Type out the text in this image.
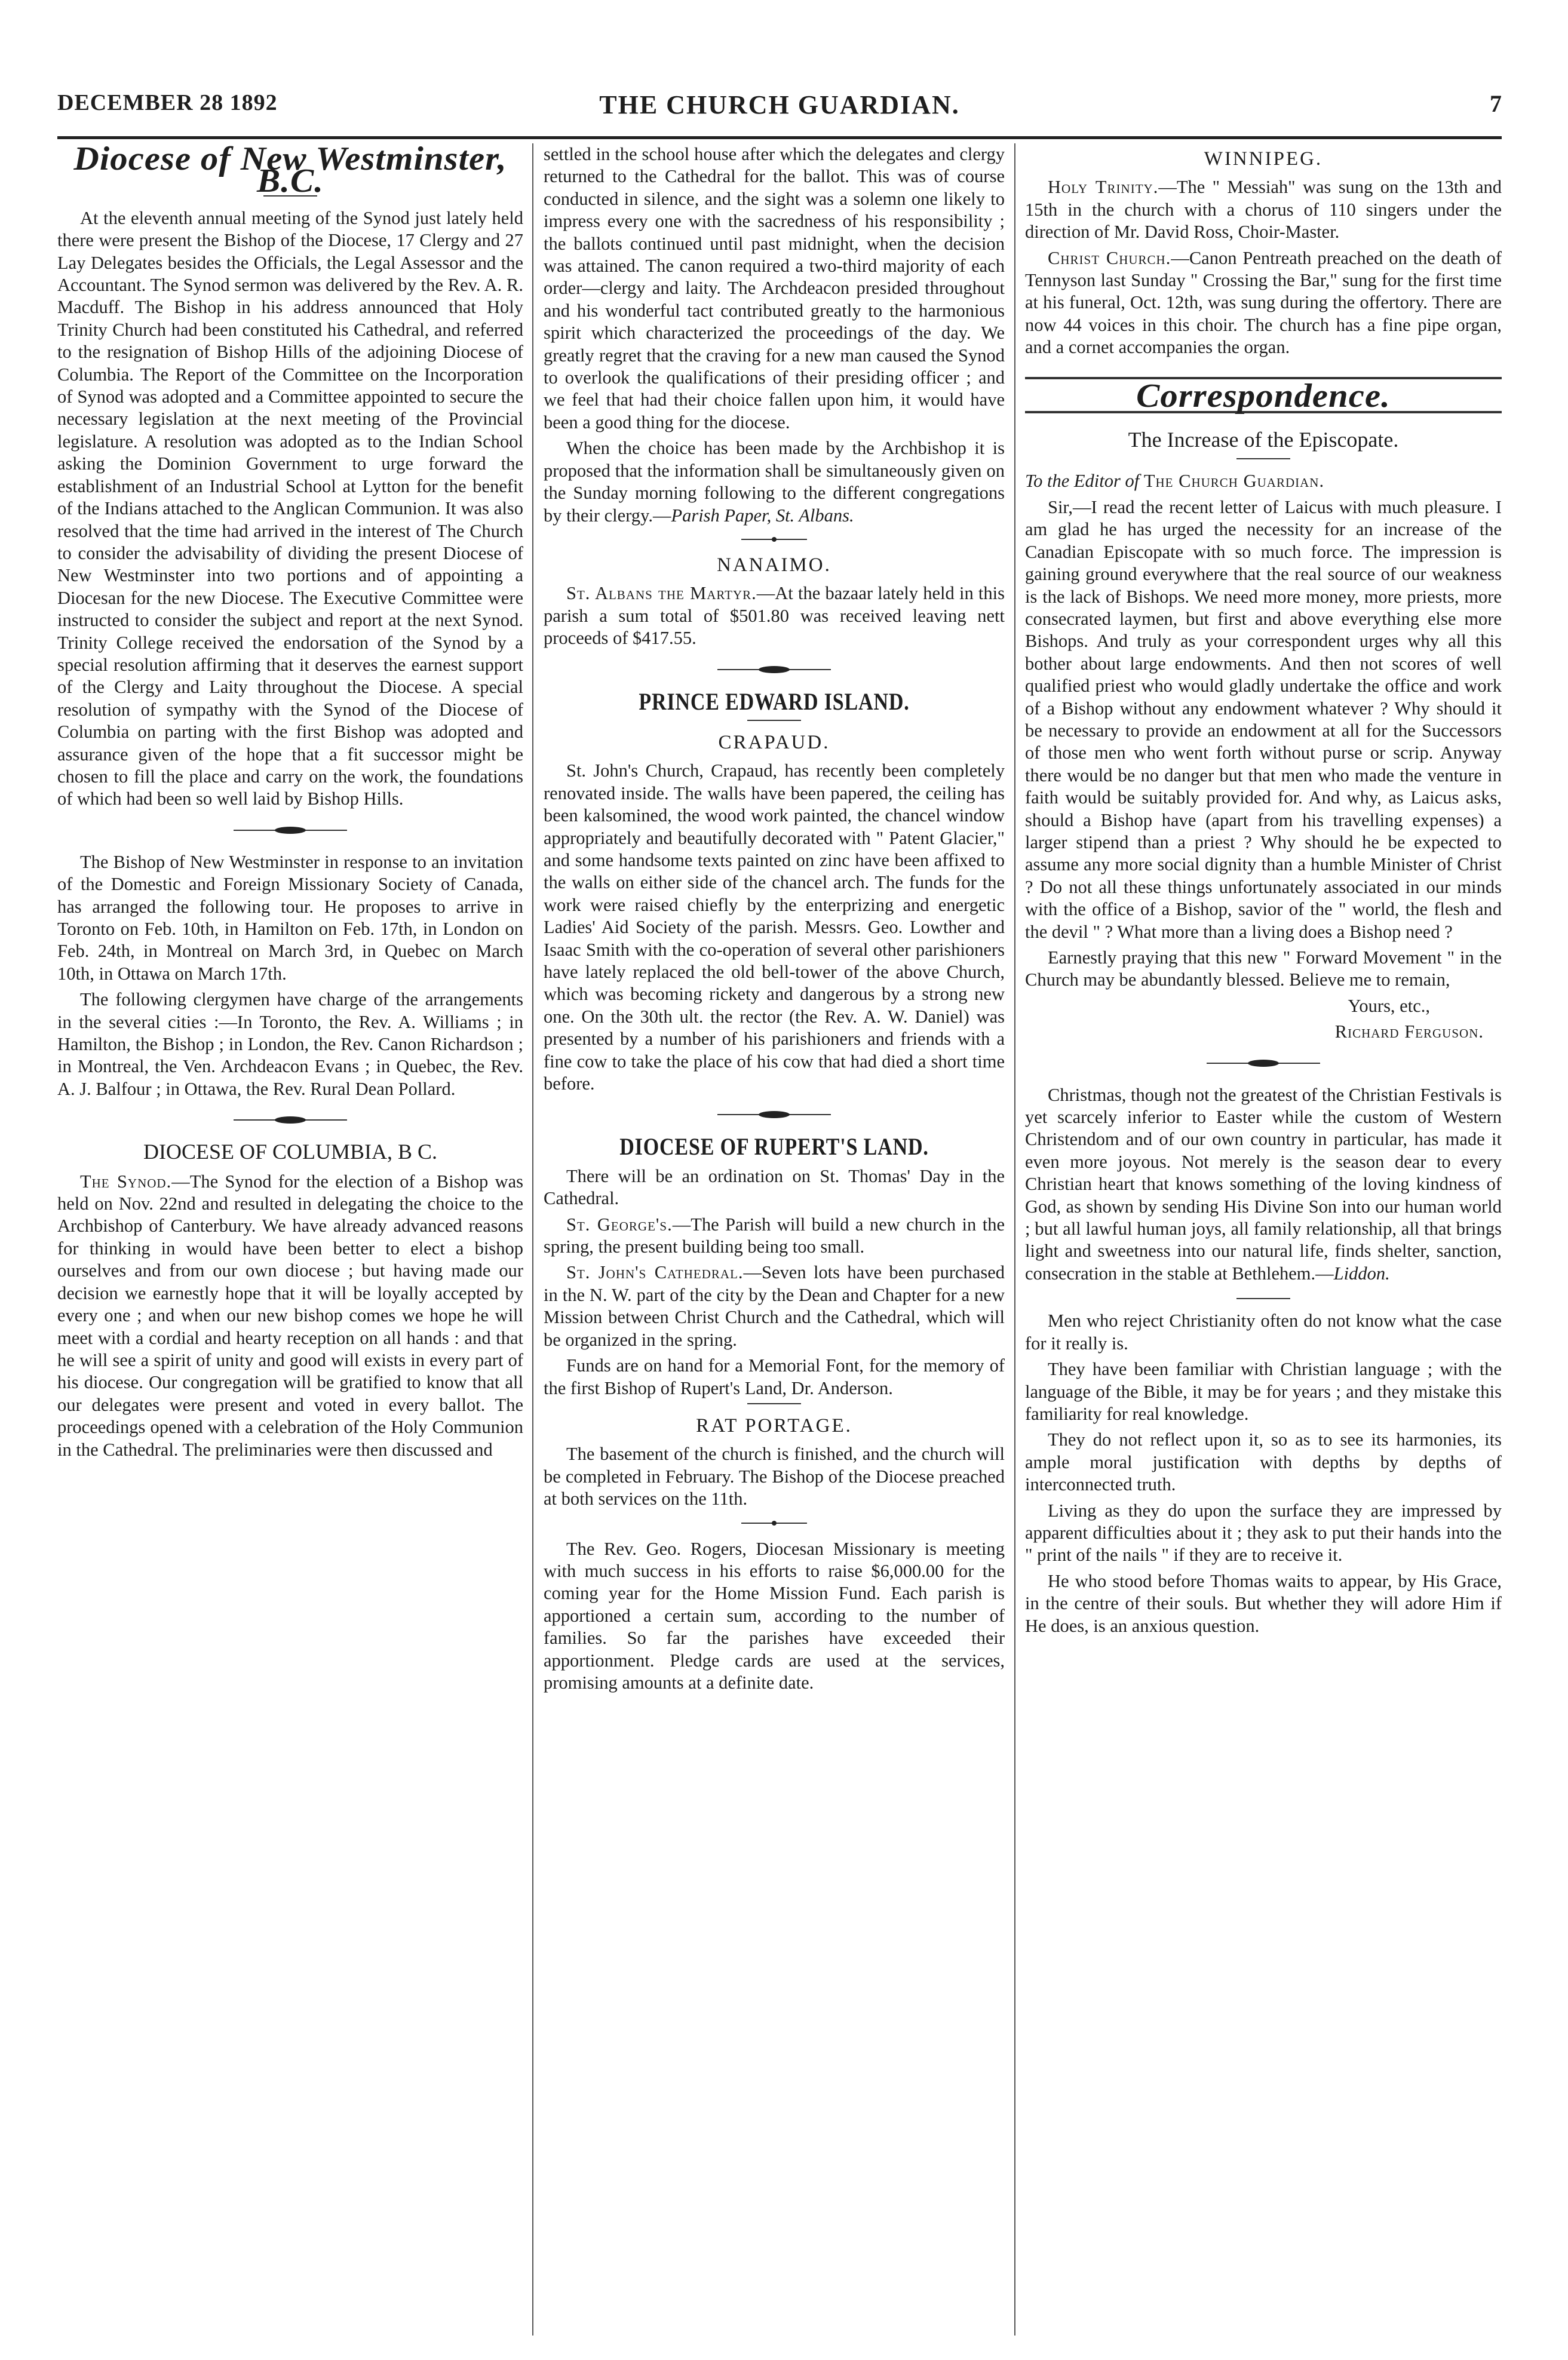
DECEMBER 28 1892	THE CHURCH GUARDIAN.	7
Diocese of New Westminster, B.C.

At the eleventh annual meeting of the Synod just lately held there were present the Bishop of the Diocese, 17 Clergy and 27 Lay Delegates besides the Officials, the Legal Assessor and the Accountant. The Synod sermon was delivered by the Rev. A. R. Macduff. The Bishop in his address announced that Holy Trinity Church had been constituted his Cathedral, and referred to the resignation of Bishop Hills of the adjoining Diocese of Columbia. The Report of the Committee on the Incorporation of Synod was adopted and a Committee appointed to secure the necessary legislation at the next meeting of the Provincial legislature. A resolution was adopted as to the Indian School asking the Dominion Government to urge forward the establishment of an Industrial School at Lytton for the benefit of the Indians attached to the Anglican Communion. It was also resolved that the time had arrived in the interest of The Church to consider the advisability of dividing the present Diocese of New Westminster into two portions and of appointing a Diocesan for the new Diocese. The Executive Committee were instructed to consider the subject and report at the next Synod. Trinity College received the endorsation of the Synod by a special resolution affirming that it deserves the earnest support of the Clergy and Laity throughout the Diocese. A special resolution of sympathy with the Synod of the Diocese of Columbia on parting with the first Bishop was adopted and assurance given of the hope that a fit successor might be chosen to fill the place and carry on the work, the foundations of which had been so well laid by Bishop Hills.

The Bishop of New Westminster in response to an invitation of the Domestic and Foreign Missionary Society of Canada, has arranged the following tour. He proposes to arrive in Toronto on Feb. 10th, in Hamilton on Feb. 17th, in London on Feb. 24th, in Montreal on March 3rd, in Quebec on March 10th, in Ottawa on March 17th.

The following clergymen have charge of the arrangements in the several cities :—In Toronto, the Rev. A. Williams ; in Hamilton, the Bishop ; in London, the Rev. Canon Richardson ; in Montreal, the Ven. Archdeacon Evans ; in Quebec, the Rev. A. J. Balfour ; in Ottawa, the Rev. Rural Dean Pollard.

DIOCESE OF COLUMBIA, B C.

The Synod.—The Synod for the election of a Bishop was held on Nov. 22nd and resulted in delegating the choice to the Archbishop of Canterbury. We have already advanced reasons for thinking in would have been better to elect a bishop ourselves and from our own diocese ; but having made our decision we earnestly hope that it will be loyally accepted by every one ; and when our new bishop comes we hope he will meet with a cordial and hearty reception on all hands : and that he will see a spirit of unity and good will exists in every part of his diocese. Our congregation will be gratified to know that all our delegates were present and voted in every ballot. The proceedings opened with a celebration of the Holy Communion in the Cathedral. The preliminaries were then discussed and

settled in the school house after which the delegates and clergy returned to the Cathedral for the ballot. This was of course conducted in silence, and the sight was a solemn one likely to impress every one with the sacredness of his responsibility ; the ballots continued until past midnight, when the decision was attained. The canon required a two-third majority of each order—clergy and laity. The Archdeacon presided throughout and his wonderful tact contributed greatly to the harmonious spirit which characterized the proceedings of the day. We greatly regret that the craving for a new man caused the Synod to overlook the qualifications of their presiding officer ; and we feel that had their choice fallen upon him, it would have been a good thing for the diocese.

When the choice has been made by the Archbishop it is proposed that the information shall be simultaneously given on the Sunday morning following to the different congregations by their clergy.—Parish Paper, St. Albans.

NANAIMO.

St. Albans the Martyr.—At the bazaar lately held in this parish a sum total of $501.80 was received leaving nett proceeds of $417.55.

PRINCE EDWARD ISLAND.
CRAPAUD.

St. John's Church, Crapaud, has recently been completely renovated inside. The walls have been papered, the ceiling has been kalsomined, the wood work painted, the chancel window appropriately and beautifully decorated with " Patent Glacier," and some handsome texts painted on zinc have been affixed to the walls on either side of the chancel arch. The funds for the work were raised chiefly by the enterprizing and energetic Ladies' Aid Society of the parish. Messrs. Geo. Lowther and Isaac Smith with the co-operation of several other parishioners have lately replaced the old bell-tower of the above Church, which was becoming rickety and dangerous by a strong new one. On the 30th ult. the rector (the Rev. A. W. Daniel) was presented by a number of his parishioners and friends with a fine cow to take the place of his cow that had died a short time before.

DIOCESE OF RUPERT'S LAND.

There will be an ordination on St. Thomas' Day in the Cathedral.

St. George's.—The Parish will build a new church in the spring, the present building being too small.

St. John's Cathedral.—Seven lots have been purchased in the N. W. part of the city by the Dean and Chapter for a new Mission between Christ Church and the Cathedral, which will be organized in the spring.

Funds are on hand for a Memorial Font, for the memory of the first Bishop of Rupert's Land, Dr. Anderson.

RAT PORTAGE.

The basement of the church is finished, and the church will be completed in February. The Bishop of the Diocese preached at both services on the 11th.

The Rev. Geo. Rogers, Diocesan Missionary is meeting with much success in his efforts to raise $6,000.00 for the coming year for the Home Mission Fund. Each parish is apportioned a certain sum, according to the number of families. So far the parishes have exceeded their apportionment. Pledge cards are used at the services, promising amounts at a definite date.

WINNIPEG.

Holy Trinity.—The " Messiah" was sung on the 13th and 15th in the church with a chorus of 110 singers under the direction of Mr. David Ross, Choir-Master.

Christ Church.—Canon Pentreath preached on the death of Tennyson last Sunday " Crossing the Bar," sung for the first time at his funeral, Oct. 12th, was sung during the offertory. There are now 44 voices in this choir. The church has a fine pipe organ, and a cornet accompanies the organ.

Correspondence.
The Increase of the Episcopate.

To the Editor of The Church Guardian.

Sir,—I read the recent letter of Laicus with much pleasure. I am glad he has urged the necessity for an increase of the Canadian Episcopate with so much force. The impression is gaining ground everywhere that the real source of our weakness is the lack of Bishops. We need more money, more priests, more consecrated laymen, but first and above everything else more Bishops. And truly as your correspondent urges why all this bother about large endowments. And then not scores of well qualified priest who would gladly undertake the office and work of a Bishop without any endowment whatever ? Why should it be necessary to provide an endowment at all for the Successors of those men who went forth without purse or scrip. Anyway there would be no danger but that men who made the venture in faith would be suitably provided for. And why, as Laicus asks, should a Bishop have (apart from his travelling expenses) a larger stipend than a priest ? Why should he be expected to assume any more social dignity than a humble Minister of Christ ? Do not all these things unfortunately associated in our minds with the office of a Bishop, savior of the " world, the flesh and the devil " ? What more than a living does a Bishop need ?

Earnestly praying that this new " Forward Movement " in the Church may be abundantly blessed. Believe me to remain,

Yours, etc.,

Richard Ferguson.

Christmas, though not the greatest of the Christian Festivals is yet scarcely inferior to Easter while the custom of Western Christendom and of our own country in particular, has made it even more joyous. Not merely is the season dear to every Christian heart that knows something of the loving kindness of God, as shown by sending His Divine Son into our human world ; but all lawful human joys, all family relationship, all that brings light and sweetness into our natural life, finds shelter, sanction, consecration in the stable at Bethlehem.—Liddon.

Men who reject Christianity often do not know what the case for it really is.

They have been familiar with Christian language ; with the language of the Bible, it may be for years ; and they mistake this familiarity for real knowledge.

They do not reflect upon it, so as to see its harmonies, its ample moral justification with depths by depths of interconnected truth.

Living as they do upon the surface they are impressed by apparent difficulties about it ; they ask to put their hands into the " print of the nails " if they are to receive it.

He who stood before Thomas waits to appear, by His Grace, in the centre of their souls. But whether they will adore Him if He does, is an anxious question.
